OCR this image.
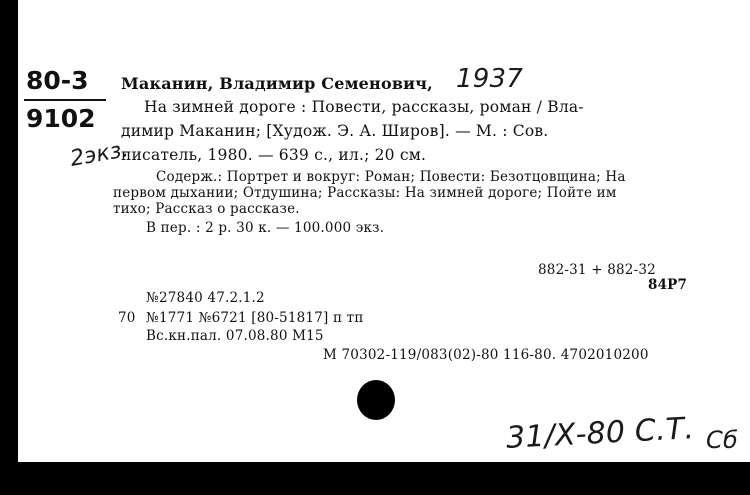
80-3
9102
2экз.
Маканин, Владимир Семенович, 1937
На зимней дороге : Повести, рассказы, роман / Вла-
димир Маканин; [Худож. Э. А. Широв]. — М. : Сов.
писатель, 1980. — 639 с., ил.; 20 см.
Содерж.: Портрет и вокруг: Роман; Повести: Безотцовщина; На
первом дыхании; Отдушина; Рассказы: На зимней дороге; Пойте им
тихо; Рассказ о рассказе.
В пер. : 2 р. 30 к. — 100.000 экз.
882-31 + 882-32
84Р7
№27840 47.2.1.2
70 №1771 №6721 [80-51817] п тп
Вс.кн.пал. 07.08.80 M15
М 70302-119/083(02)-80 116-80. 4702010200
31/Х-80 С.Т. Сб
